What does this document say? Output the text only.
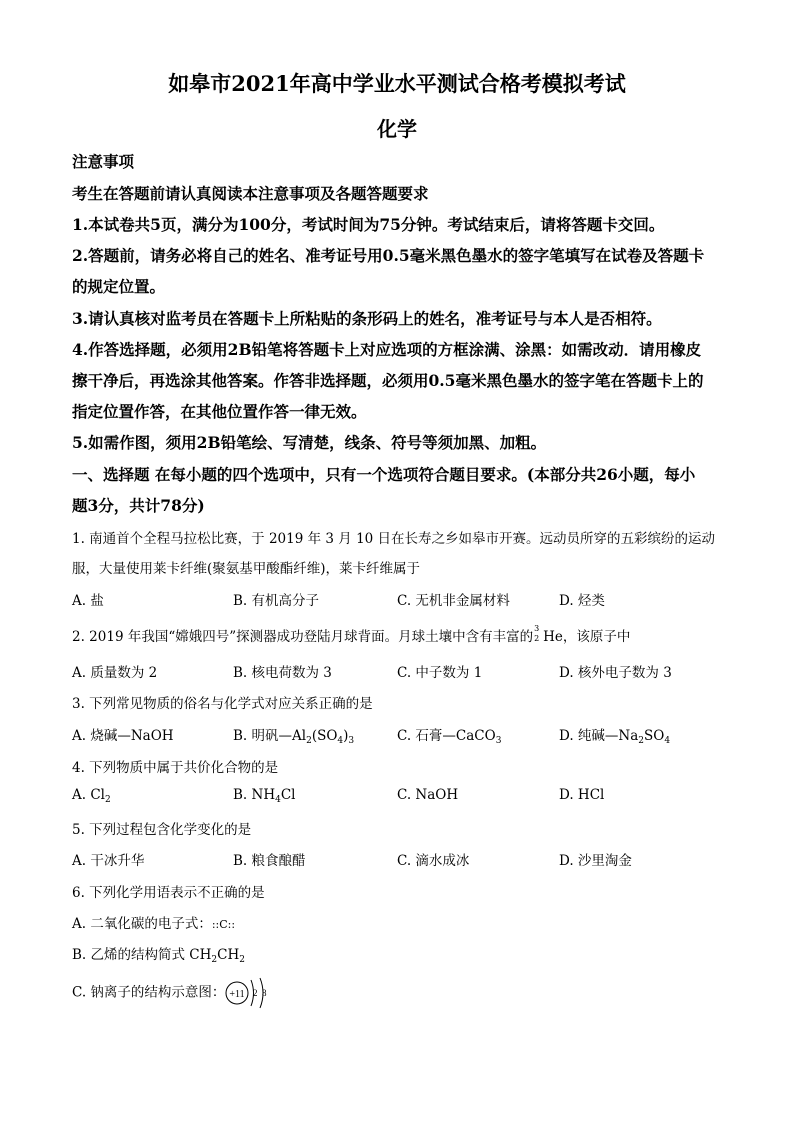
如皋市2021年高中学业水平测试合格考模拟考试
化学
注意事项
考生在答题前请认真阅读本注意事项及各题答题要求
1.本试卷共5页，满分为100分，考试时间为75分钟。考试结束后，请将答题卡交回。
2.答题前，请务必将自己的姓名、准考证号用0.5毫米黑色墨水的签字笔填写在试卷及答题卡
的规定位置。
3.请认真核对监考员在答题卡上所粘贴的条形码上的姓名，准考证号与本人是否相符。
4.作答选择题，必须用2B铅笔将答题卡上对应选项的方框涂满、涂黑：如需改动．请用橡皮
擦干净后，再选涂其他答案。作答非选择题，必须用0.5毫米黑色墨水的签字笔在答题卡上的
指定位置作答，在其他位置作答一律无效。
5.如需作图，须用2B铅笔绘、写清楚，线条、符号等须加黑、加粗。
一、选择题 在每小题的四个选项中，只有一个选项符合题目要求。(本部分共26小题，每小
题3分，共计78分)
1. 南通首个全程马拉松比赛，于 2019 年 3 月 10 日在长寿之乡如皋市开赛。远动员所穿的五彩缤纷的运动
服，大量使用莱卡纤维(聚氨基甲酸酯纤维)，莱卡纤维属于
A. 盐	B. 有机高分子	C. 无机非金属材料	D. 烃类
2. 2019 年我国“嫦娥四号”探测器成功登陆月球背面。月球土壤中含有丰富的
3
2 He，该原子中
A. 质量数为 2	B. 核电荷数为 3	C. 中子数为 1	D. 核外电子数为 3
3. 下列常见物质的俗名与化学式对应关系正确的是
A. 烧碱—NaOH	B. 明矾$—Al_2(SO_4)_3$	C. 石膏—CaCO$_3$	D. 纯碱$—Na_2SO_4$
4. 下列物质中属于共价化合物的是
A. $Cl_2$	B. $NH_4Cl$	C. NaOH	D. HCl
5. 下列过程包含化学变化的是
A. 干冰升华	B. 粮食酿醋	C. 滴水成冰	D. 沙里淘金
6. 下列化学用语表示不正确的是
A. 二氧化碳的电子式：::C::
B. 乙烯的结构简式 $CH_2CH_2$
C. 钠离子的结构示意图： +11 2 8
